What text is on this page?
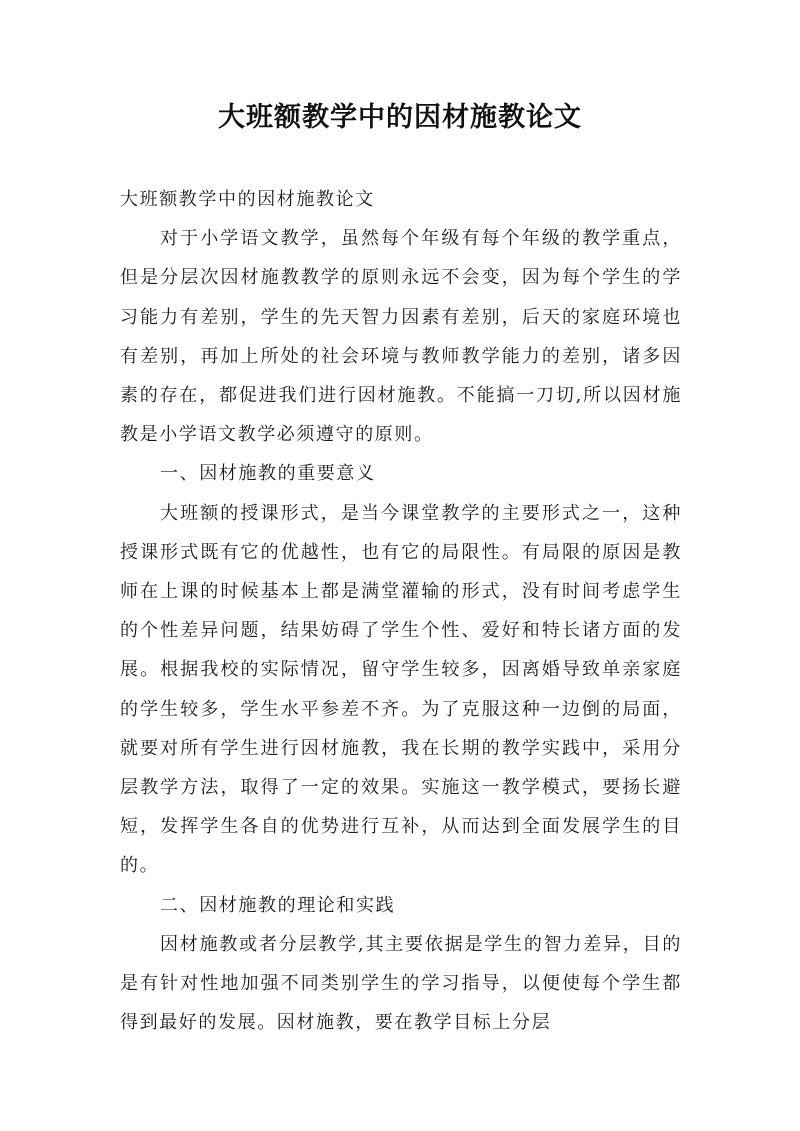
大班额教学中的因材施教论文

大班额教学中的因材施教论文

对于小学语文教学，虽然每个年级有每个年级的教学重点，但是分层次因材施教教学的原则永远不会变，因为每个学生的学习能力有差别，学生的先天智力因素有差别，后天的家庭环境也有差别，再加上所处的社会环境与教师教学能力的差别，诸多因素的存在，都促进我们进行因材施教。不能搞一刀切,所以因材施教是小学语文教学必须遵守的原则。

一、因材施教的重要意义

大班额的授课形式，是当今课堂教学的主要形式之一，这种授课形式既有它的优越性，也有它的局限性。有局限的原因是教师在上课的时候基本上都是满堂灌输的形式，没有时间考虑学生的个性差异问题，结果妨碍了学生个性、爱好和特长诸方面的发展。根据我校的实际情况，留守学生较多，因离婚导致单亲家庭的学生较多，学生水平参差不齐。为了克服这种一边倒的局面，就要对所有学生进行因材施教，我在长期的教学实践中，采用分层教学方法，取得了一定的效果。实施这一教学模式，要扬长避短，发挥学生各自的优势进行互补，从而达到全面发展学生的目的。

二、因材施教的理论和实践

因材施教或者分层教学,其主要依据是学生的智力差异，目的是有针对性地加强不同类别学生的学习指导，以便使每个学生都得到最好的发展。因材施教，要在教学目标上分层
